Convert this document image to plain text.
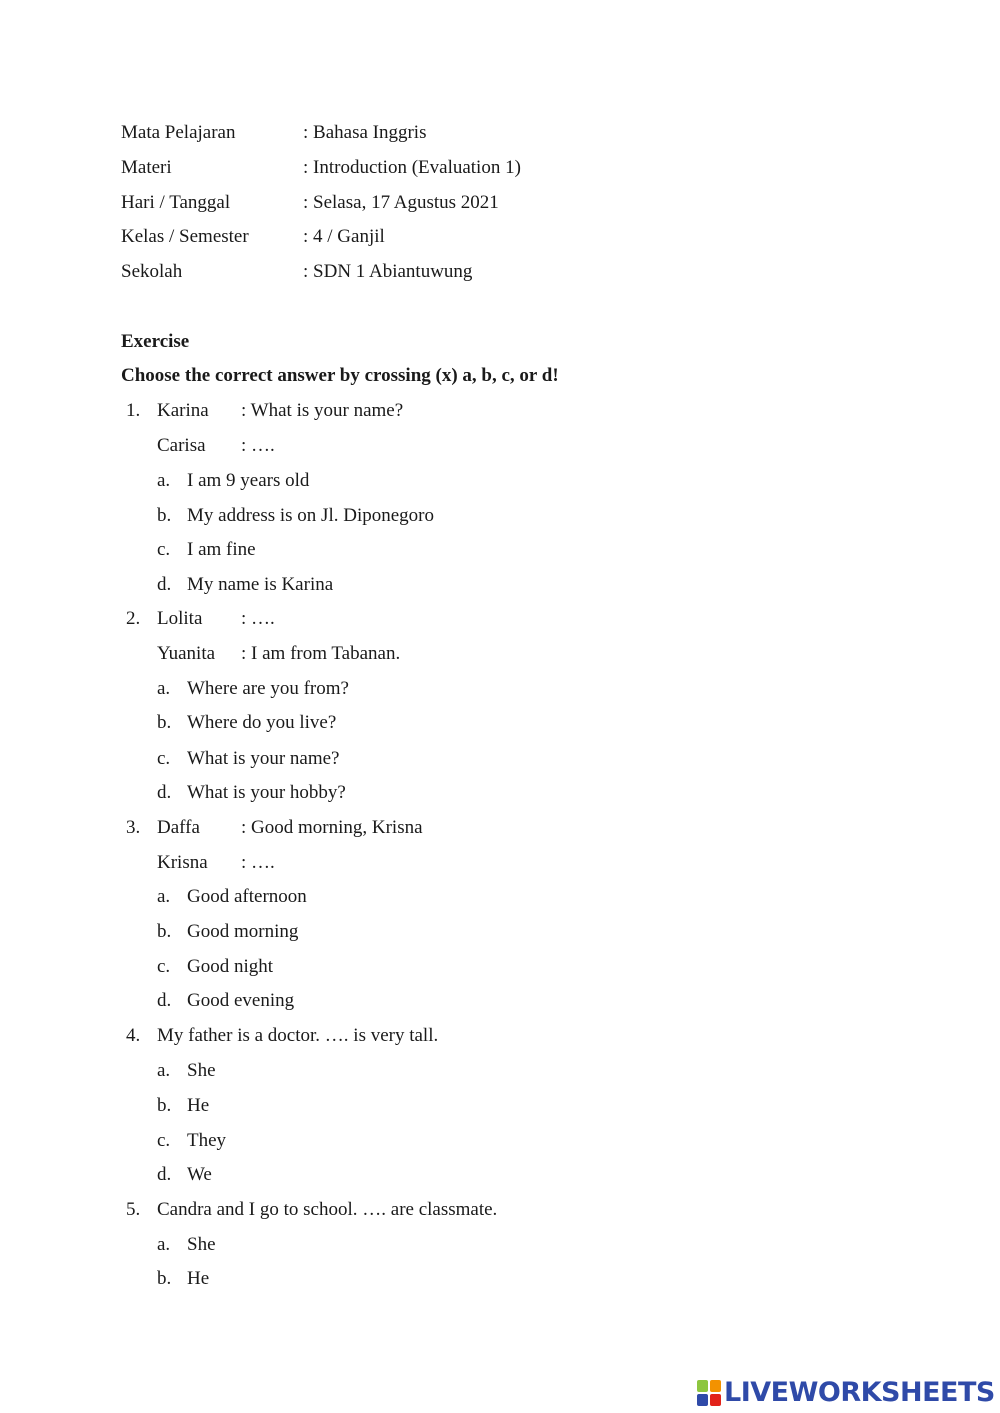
Mata Pelajaran	: Bahasa Inggris
Materi	: Introduction (Evaluation 1)
Hari / Tanggal	: Selasa, 17 Agustus 2021
Kelas / Semester	: 4 / Ganjil
Sekolah	: SDN 1 Abiantuwung
Exercise
Choose the correct answer by crossing (x) a, b, c, or d!
1. Karina : What is your name?
Carisa : ….
a. I am 9 years old
b. My address is on Jl. Diponegoro
c. I am fine
d. My name is Karina
2. Lolita : ….
Yuanita : I am from Tabanan.
a. Where are you from?
b. Where do you live?
c. What is your name?
d. What is your hobby?
3. Daffa : Good morning, Krisna
Krisna : ….
a. Good afternoon
b. Good morning
c. Good night
d. Good evening
4. My father is a doctor. …. is very tall.
a. She
b. He
c. They
d. We
5. Candra and I go to school. …. are classmate.
a. She
b. He
LIVEWORKSHEETS
